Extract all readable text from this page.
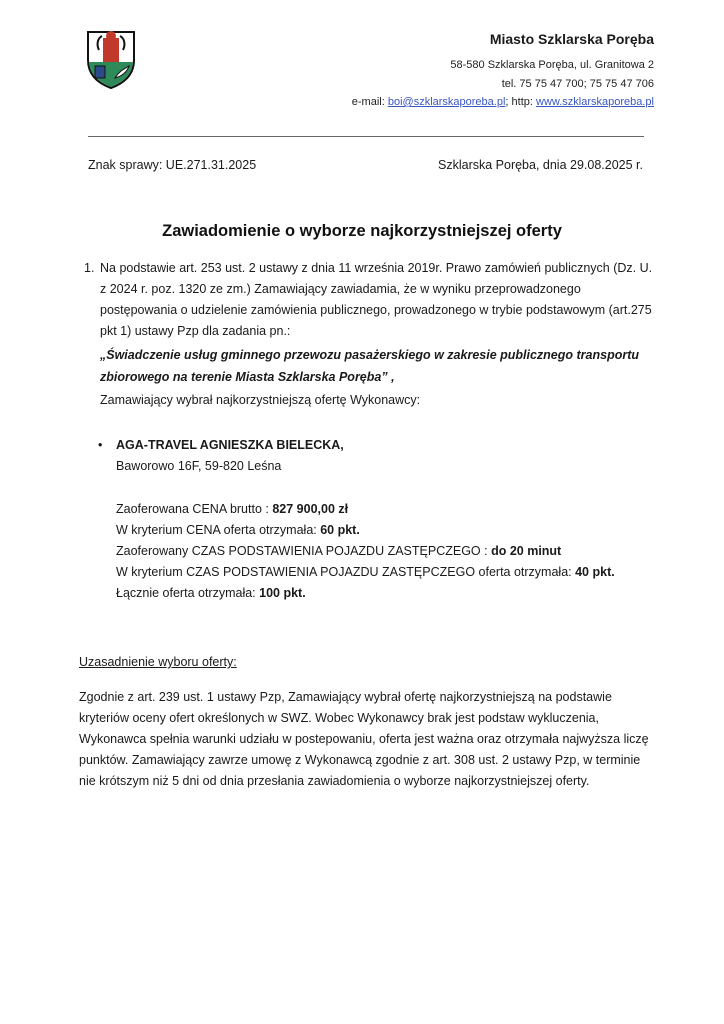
Miasto Szklarska Poręba
58-580 Szklarska Poręba, ul. Granitowa 2
tel. 75 75 47 700; 75 75 47 706
e-mail: boi@szklarskaporeba.pl; http: www.szklarskaporeba.pl
Znak sprawy: UE.271.31.2025	Szklarska Poręba, dnia 29.08.2025 r.
Zawiadomienie o wyborze najkorzystniejszej oferty
1. Na podstawie art. 253 ust. 2 ustawy z dnia 11 września 2019r. Prawo zamówień publicznych (Dz. U. z 2024 r. poz. 1320 ze zm.) Zamawiający zawiadamia, że w wyniku przeprowadzonego postępowania o udzielenie zamówienia publicznego, prowadzonego w trybie podstawowym (art.275 pkt 1) ustawy Pzp dla zadania pn.:

„Świadczenie usług gminnego przewozu pasażerskiego w zakresie publicznego transportu zbiorowego na terenie Miasta Szklarska Poręba” ,

Zamawiający wybrał najkorzystniejszą ofertę Wykonawcy:

• AGA-TRAVEL AGNIESZKA BIELECKA,
Baworowo 16F, 59-820 Leśna
Zaoferowana CENA brutto : 827 900,00 zł
W kryterium CENA oferta otrzymała: 60 pkt.
Zaoferowany CZAS PODSTAWIENIA POJAZDU ZASTĘPCZEGO : do 20 minut
W kryterium CZAS PODSTAWIENIA POJAZDU ZASTĘPCZEGO oferta otrzymała: 40 pkt.
Łącznie oferta otrzymała: 100 pkt.
Uzasadnienie wyboru oferty:
Zgodnie z art. 239 ust. 1 ustawy Pzp, Zamawiający wybrał ofertę najkorzystniejszą na podstawie kryteriów oceny ofert określonych w SWZ. Wobec Wykonawcy brak jest podstaw wykluczenia, Wykonawca spełnia warunki udziału w postepowaniu, oferta jest ważna oraz otrzymała najwyższa liczę punktów. Zamawiający zawrze umowę z Wykonawcą zgodnie z art. 308 ust. 2 ustawy Pzp, w terminie nie krótszym niż 5 dni od dnia przesłania zawiadomienia o wyborze najkorzystniejszej oferty.
